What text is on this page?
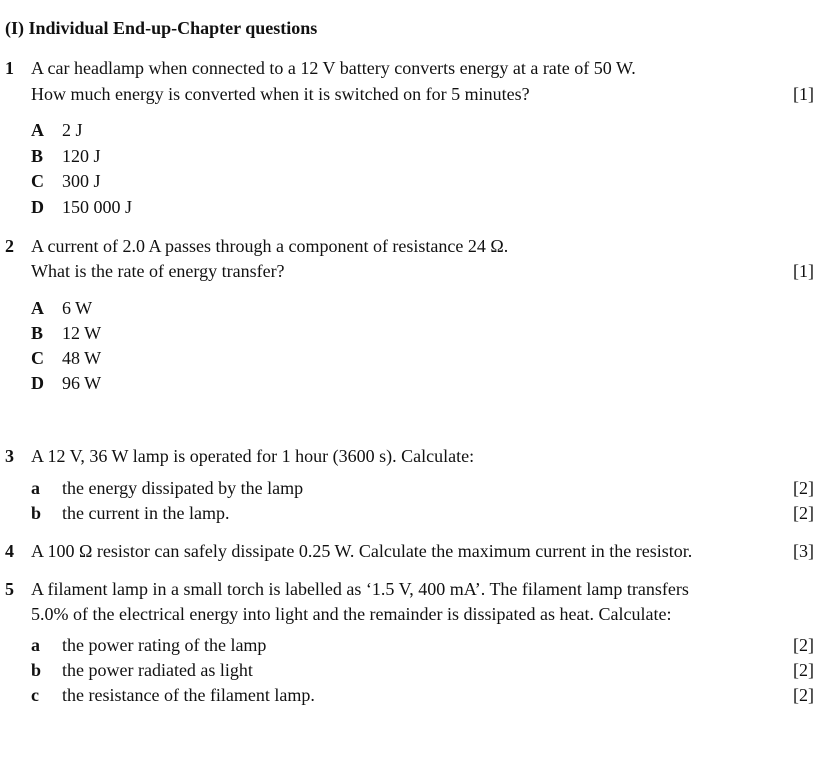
(I) Individual End-up-Chapter questions
1 A car headlamp when connected to a 12 V battery converts energy at a rate of 50 W.
How much energy is converted when it is switched on for 5 minutes?	[1]
A 2 J
B 120 J
C 300 J
D 150 000 J
2 A current of 2.0 A passes through a component of resistance 24 Ω.
What is the rate of energy transfer?	[1]
A 6 W
B 12 W
C 48 W
D 96 W
3 A 12 V, 36 W lamp is operated for 1 hour (3600 s). Calculate:
a the energy dissipated by the lamp	[2]
b the current in the lamp.	[2]
4 A 100 Ω resistor can safely dissipate 0.25 W. Calculate the maximum current in the resistor.	[3]
5 A filament lamp in a small torch is labelled as ‘1.5 V, 400 mA’. The filament lamp transfers
5.0% of the electrical energy into light and the remainder is dissipated as heat. Calculate:
a the power rating of the lamp	[2]
b the power radiated as light	[2]
c the resistance of the filament lamp.	[2]
